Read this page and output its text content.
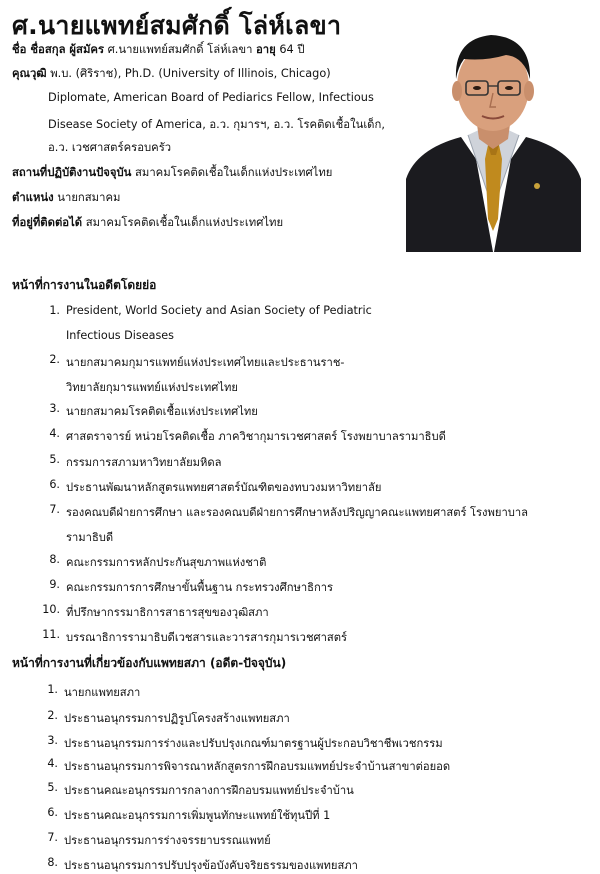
ศ.นายแพทย์สมศักดิ์ โล่ห์เลขา
ชื่อ ชื่อสกุล ผู้สมัคร ศ.นายแพทย์สมศักดิ์ โล่ห์เลขา อายุ 64 ปี
คุณวุฒิ พ.บ. (ศิริราช), Ph.D. (University of Illinois, Chicago)
Diplomate, American Board of Pediarics Fellow, Infectious
Disease Society of America, อ.ว. กุมารฯ, อ.ว. โรคติดเชื้อในเด็ก,
อ.ว. เวชศาสตร์ครอบครัว
สถานที่ปฏิบัติงานปัจจุบัน สมาคมโรคติดเชื้อในเด็กแห่งประเทศไทย
ตำแหน่ง นายกสมาคม
ที่อยู่ที่ติดต่อได้ สมาคมโรคติดเชื้อในเด็กแห่งประเทศไทย
หน้าที่การงานในอดีตโดยย่อ
1. President, World Society and Asian Society of Pediatric
Infectious Diseases
2. นายกสมาคมกุมารแพทย์แห่งประเทศไทยและประธานราช-
วิทยาลัยกุมารแพทย์แห่งประเทศไทย
3. นายกสมาคมโรคติดเชื้อแห่งประเทศไทย
4. ศาสตราจารย์ หน่วยโรคติดเชื้อ ภาควิชากุมารเวชศาสตร์ โรงพยาบาลรามาธิบดี
5. กรรมการสภามหาวิทยาลัยมหิดล
6. ประธานพัฒนาหลักสูตรแพทยศาสตร์บัณฑิตของทบวงมหาวิทยาลัย
7. รองคณบดีฝ่ายการศึกษา และรองคณบดีฝ่ายการศึกษาหลังปริญญาคณะแพทยศาสตร์ โรงพยาบาล
รามาธิบดี
8. คณะกรรมการหลักประกันสุขภาพแห่งชาติ
9. คณะกรรมการการศึกษาขั้นพื้นฐาน กระทรวงศึกษาธิการ
10. ที่ปรึกษากรรมาธิการสาธารสุขของวุฒิสภา
11. บรรณาธิการรามาธิบดีเวชสารและวารสารกุมารเวชศาสตร์
หน้าที่การงานที่เกี่ยวข้องกับแพทยสภา (อดีต-ปัจจุบัน)
1. นายกแพทยสภา
2. ประธานอนุกรรมการปฏิรูปโครงสร้างแพทยสภา
3. ประธานอนุกรรมการร่างและปรับปรุงเกณฑ์มาตรฐานผู้ประกอบวิชาชีพเวชกรรม
4. ประธานอนุกรรมการพิจารณาหลักสูตรการฝึกอบรมแพทย์ประจำบ้านสาขาต่อยอด
5. ประธานคณะอนุกรรมการกลางการฝึกอบรมแพทย์ประจำบ้าน
6. ประธานคณะอนุกรรมการเพิ่มพูนทักษะแพทย์ใช้ทุนปีที่ 1
7. ประธานอนุกรรมการร่างจรรยาบรรณแพทย์
8. ประธานอนุกรรมการปรับปรุงข้อบังคับจริยธรรมของแพทยสภา
